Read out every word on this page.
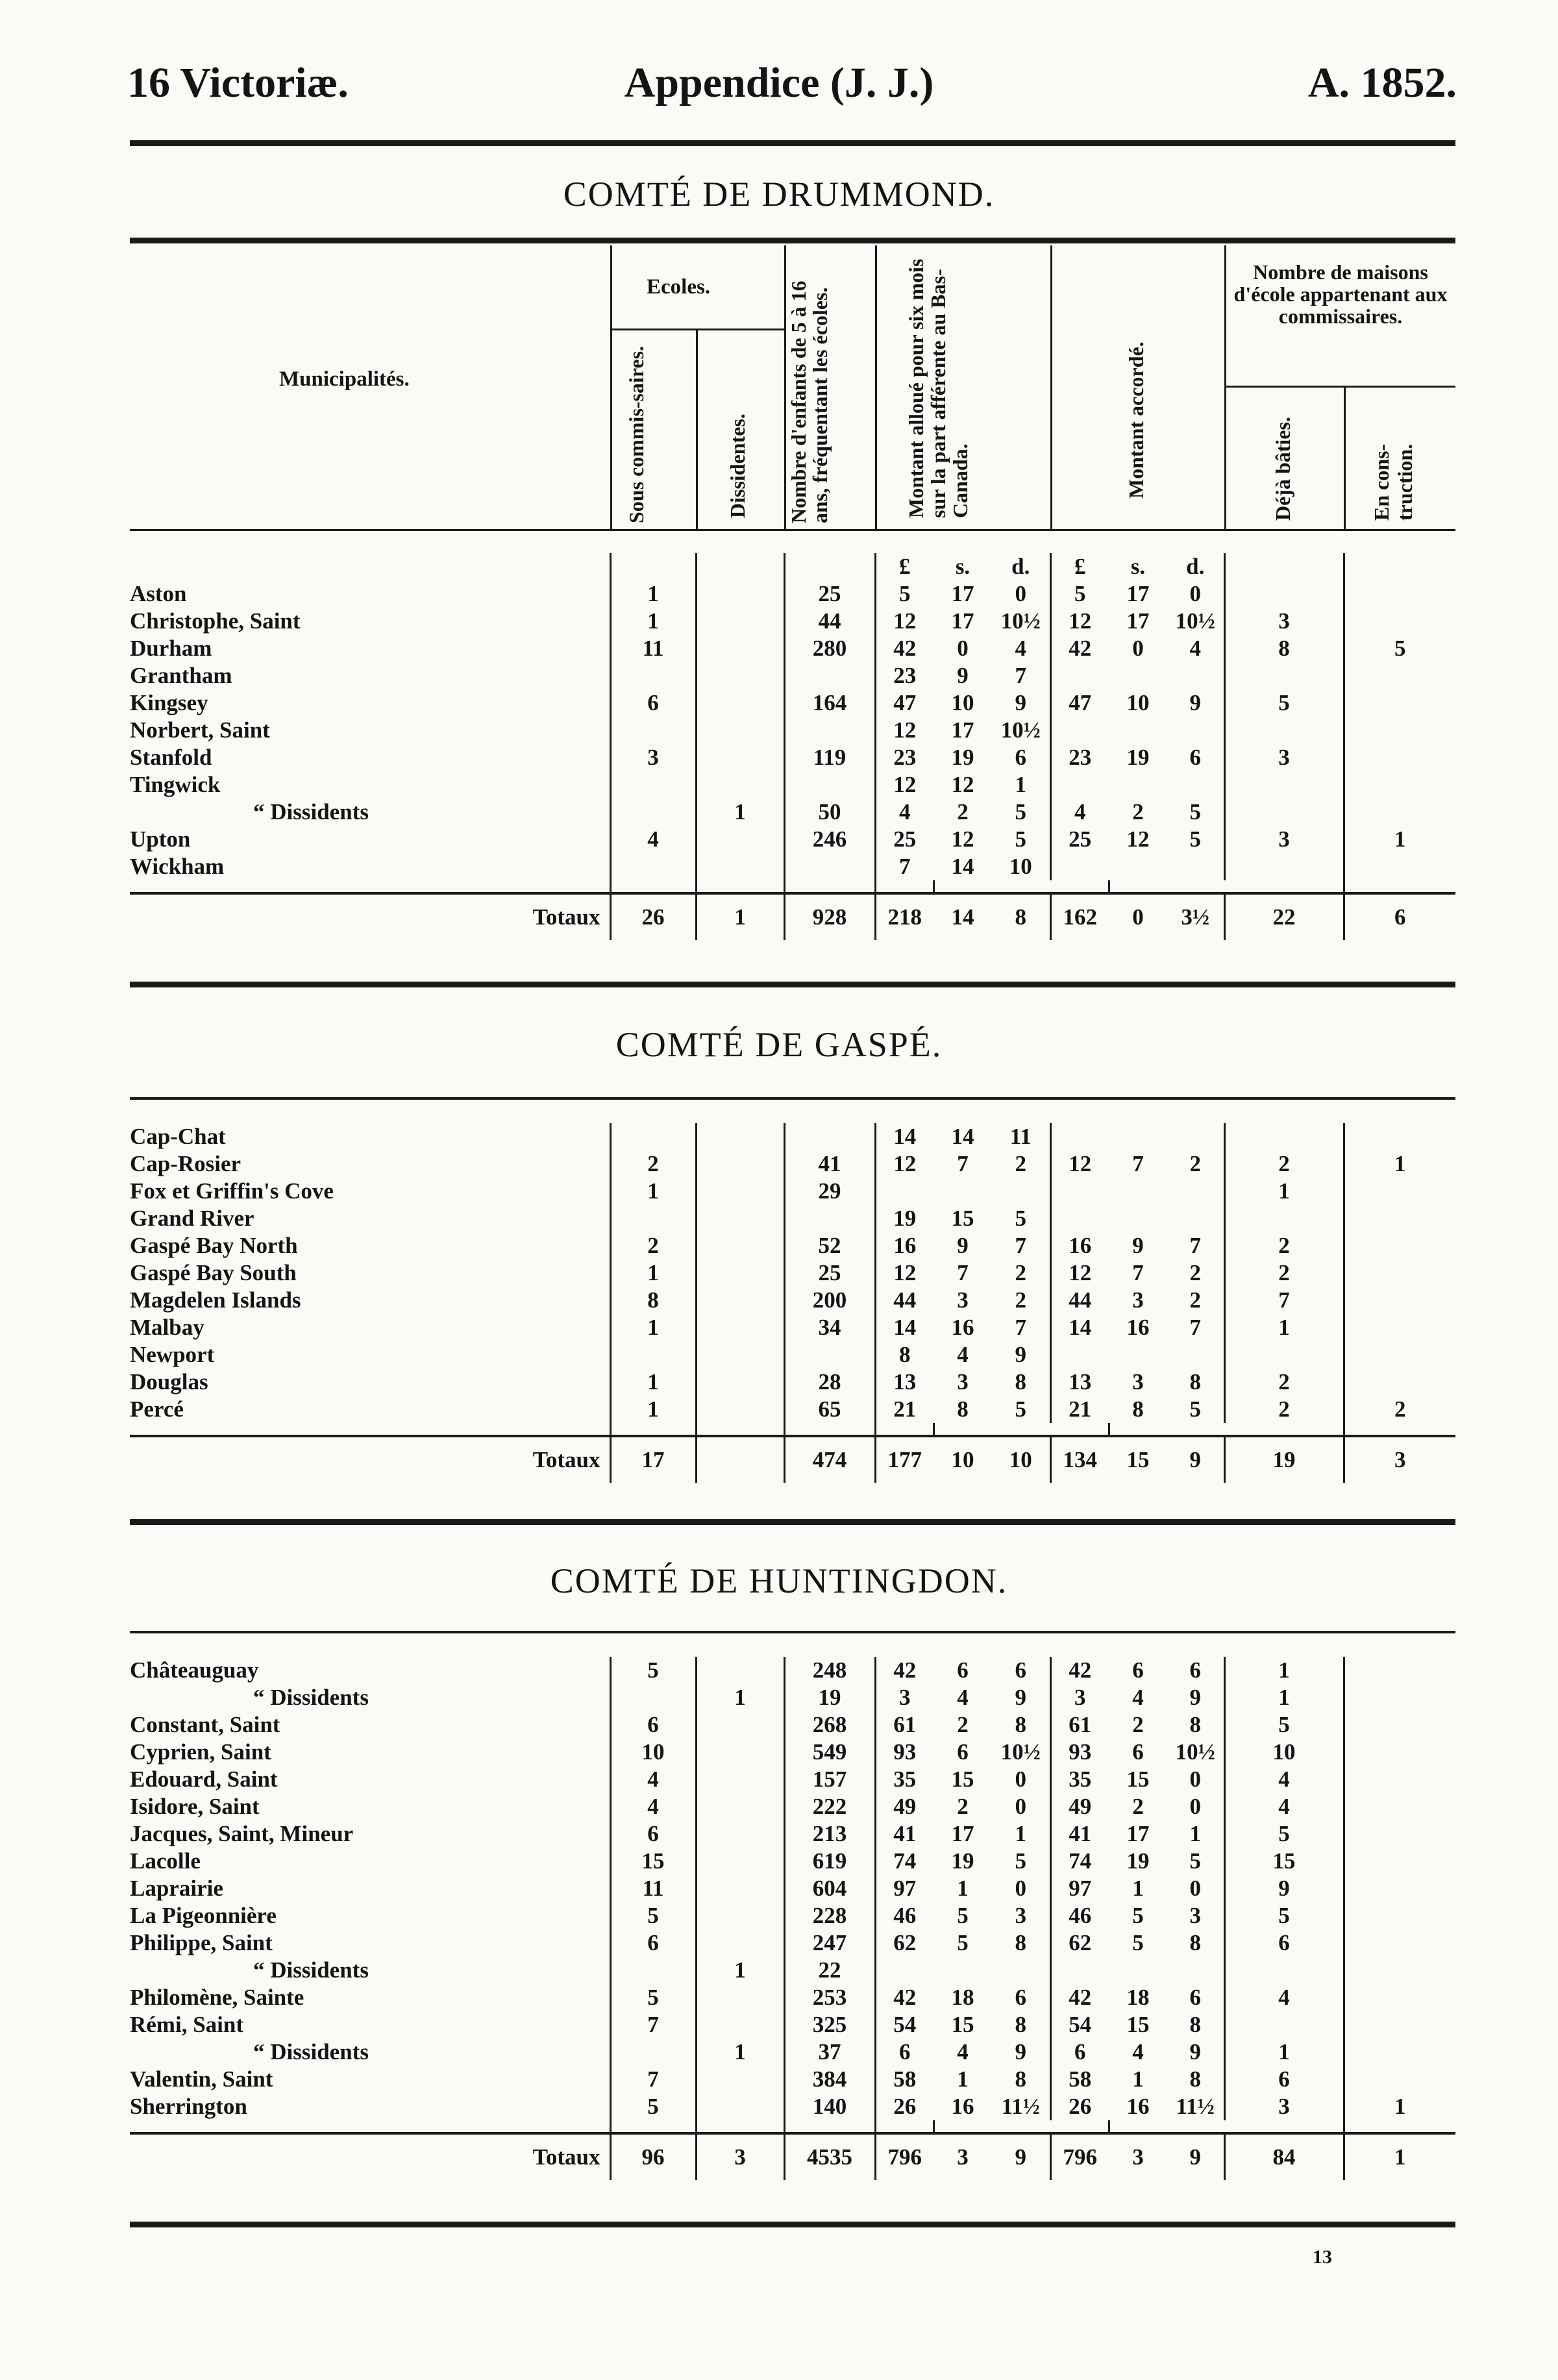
16 Victoriæ.	Appendice (J. J.)	A. 1852.
COMTÉ DE DRUMMOND.
Municipalités.
Ecoles.
Sous commis-saires.	Dissidentes. Nombre d'enfants de 5 à 16 ans, fréquentant les écoles.	Montant alloué pour six mois sur la part afférente au Bas-Canada.	Montant accordé.
Nombre de maisons d'école appartenant aux commissaires.
Déjà bâties.	En cons-truction.
				£	s.	d.	£	s.	d.		
Aston	1		25	5	17	0	5	17	0		
Christophe, Saint	1		44	12	17	10½	12	17	10½	3	
Durham	11		280	42	0	4	42	0	4	8	5
Grantham				23	9	7					
Kingsey	6		164	47	10	9	47	10	9	5	
Norbert, Saint				12	17	10½					
Stanfold	3		119	23	19	6	23	19	6	3	
Tingwick				12	12	1					
“ Dissidents		1	50	4	2	5	4	2	5		
Upton	4		246	25	12	5	25	12	5	3	1
Wickham				7	14	10					

Totaux	26	1	928	218	14	8	162	0	3½	22	6
COMTÉ DE GASPÉ.
Cap-Chat				14	14	11					
Cap-Rosier	2		41	12	7	2	12	7	2	2	1
Fox et Griffin's Cove	1		29							1	
Grand River				19	15	5					
Gaspé Bay North	2		52	16	9	7	16	9	7	2	
Gaspé Bay South	1		25	12	7	2	12	7	2	2	
Magdelen Islands	8		200	44	3	2	44	3	2	7	
Malbay	1		34	14	16	7	14	16	7	1	
Newport				8	4	9					
Douglas	1		28	13	3	8	13	3	8	2	
Percé	1		65	21	8	5	21	8	5	2	2

Totaux	17		474	177	10	10	134	15	9	19	3
COMTÉ DE HUNTINGDON.
Châteauguay	5		248	42	6	6	42	6	6	1	
“ Dissidents		1	19	3	4	9	3	4	9	1	
Constant, Saint	6		268	61	2	8	61	2	8	5	
Cyprien, Saint	10		549	93	6	10½	93	6	10½	10	
Edouard, Saint	4		157	35	15	0	35	15	0	4	
Isidore, Saint	4		222	49	2	0	49	2	0	4	
Jacques, Saint, Mineur	6		213	41	17	1	41	17	1	5	
Lacolle	15		619	74	19	5	74	19	5	15	
Laprairie	11		604	97	1	0	97	1	0	9	
La Pigeonnière	5		228	46	5	3	46	5	3	5	
Philippe, Saint	6		247	62	5	8	62	5	8	6	
“ Dissidents		1	22								
Philomène, Sainte	5		253	42	18	6	42	18	6	4	
Rémi, Saint	7		325	54	15	8	54	15	8		
“ Dissidents		1	37	6	4	9	6	4	9	1	
Valentin, Saint	7		384	58	1	8	58	1	8	6	
Sherrington	5		140	26	16	11½	26	16	11½	3	1

Totaux	96	3	4535	796	3	9	796	3	9	84	1
13
